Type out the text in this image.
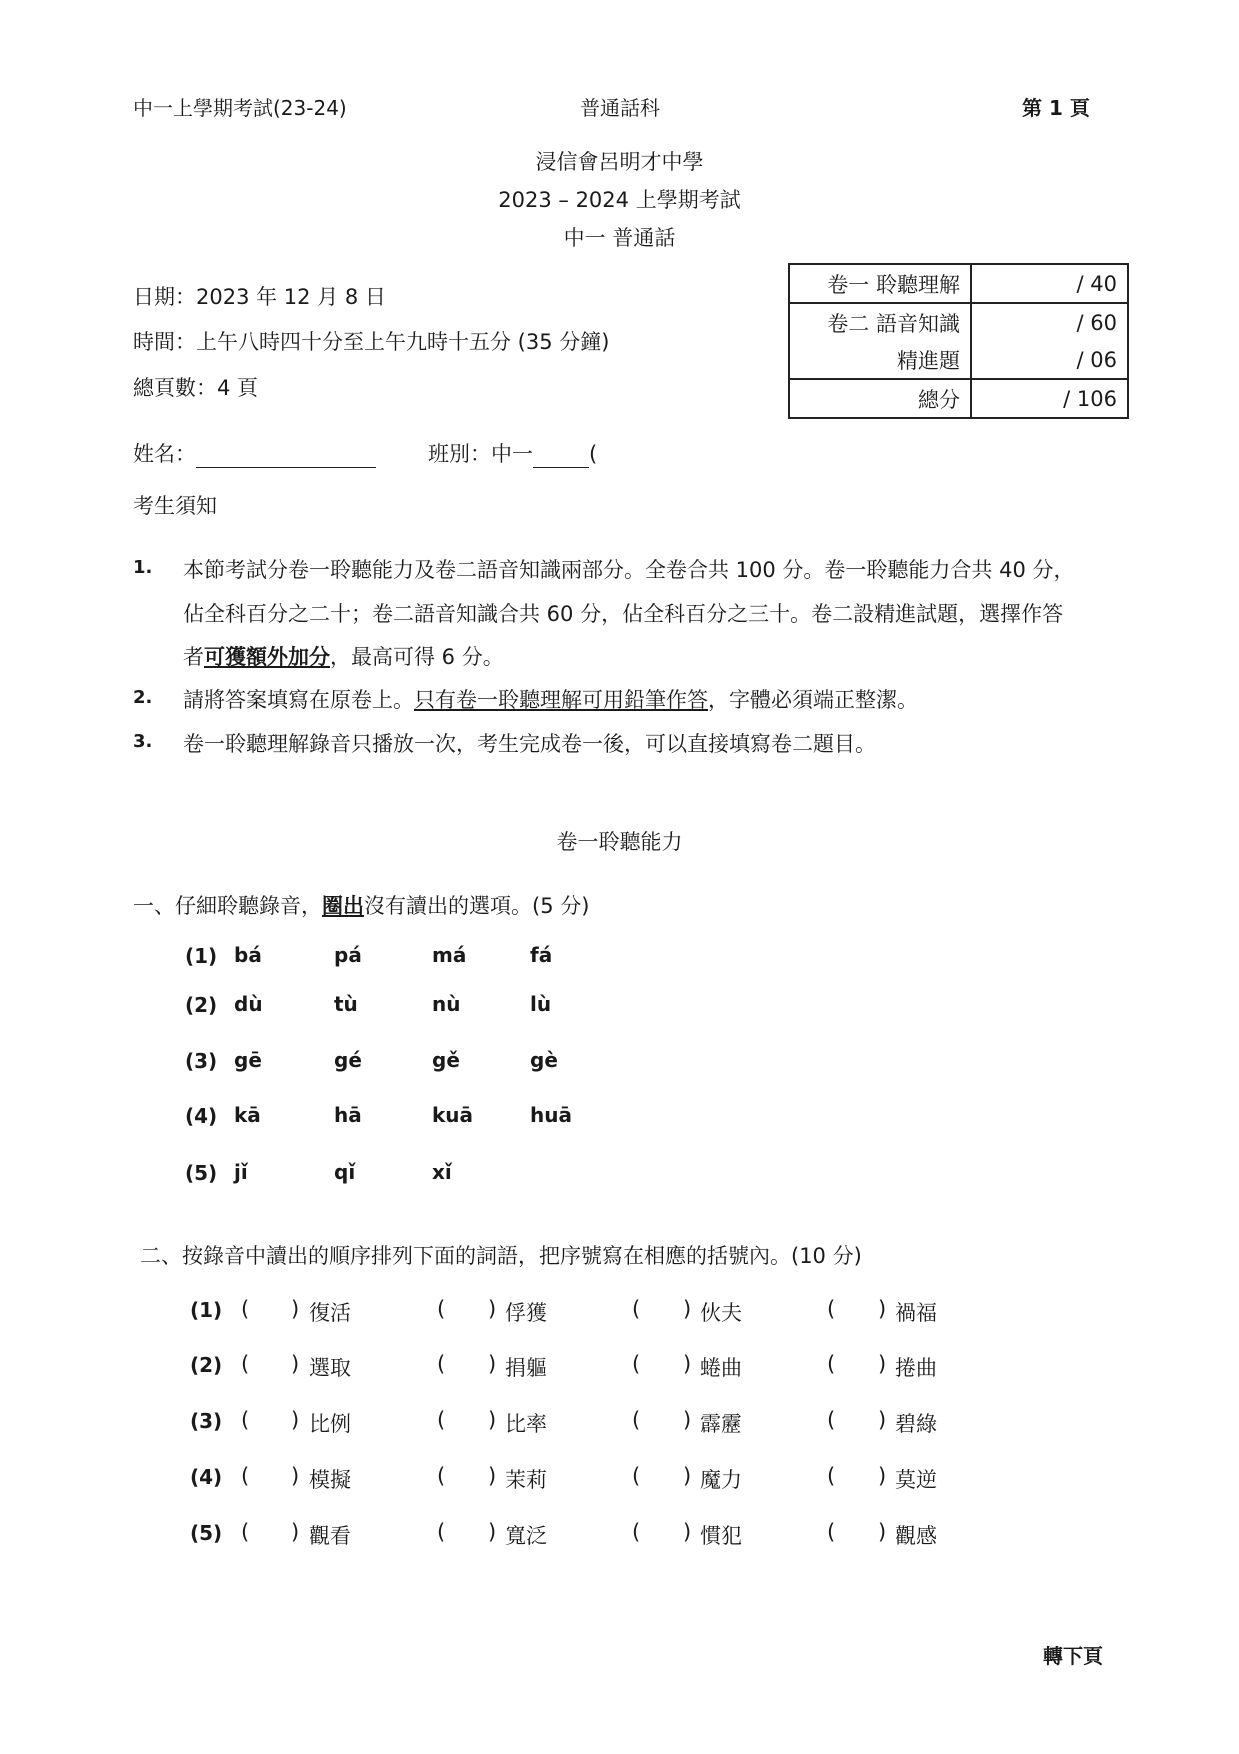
中一上學期考試(23-24)	普通話科	第 1 頁
浸信會呂明才中學
2023 – 2024 上學期考試
中一 普通話
日期：2023 年 12 月 8 日
時間：上午八時四十分至上午九時十五分 (35 分鐘)
總頁數：4 頁
卷一 聆聽理解	/ 40
卷二 語音知識	/ 60
精進題	/ 06
總分	/ 106
姓名：	班別：中一	(
考生須知
1. 本節考試分卷一聆聽能力及卷二語音知識兩部分。全卷合共 100 分。卷一聆聽能力合共 40 分，
佔全科百分之二十；卷二語音知識合共 60 分，佔全科百分之三十。卷二設精進試題，選擇作答
者可獲額外加分，最高可得 6 分。
2. 請將答案填寫在原卷上。只有卷一聆聽理解可用鉛筆作答，字體必須端正整潔。
3. 卷一聆聽理解錄音只播放一次，考生完成卷一後，可以直接填寫卷二題目。
卷一聆聽能力
一、仔細聆聽錄音，圈出沒有讀出的選項。(5 分)
(1) bá	pá	má	fá
(2) dù	tù	nù	lù
(3) gē	gé	gě	gè
(4) kā	hā	kuā	huā
(5) jǐ	qǐ	xǐ
二、按錄音中讀出的順序排列下面的詞語，把序號寫在相應的括號內。(10 分)
(1) ( ) 復活	( ) 俘獲	( ) 伙夫	( ) 禍福
(2) ( ) 選取	( ) 捐軀	( ) 蜷曲	( ) 捲曲
(3) ( ) 比例	( ) 比率	( ) 霹靂	( ) 碧綠
(4) ( ) 模擬	( ) 茉莉	( ) 魔力	( ) 莫逆
(5) ( ) 觀看	( ) 寬泛	( ) 慣犯	( ) 觀感
轉下頁
